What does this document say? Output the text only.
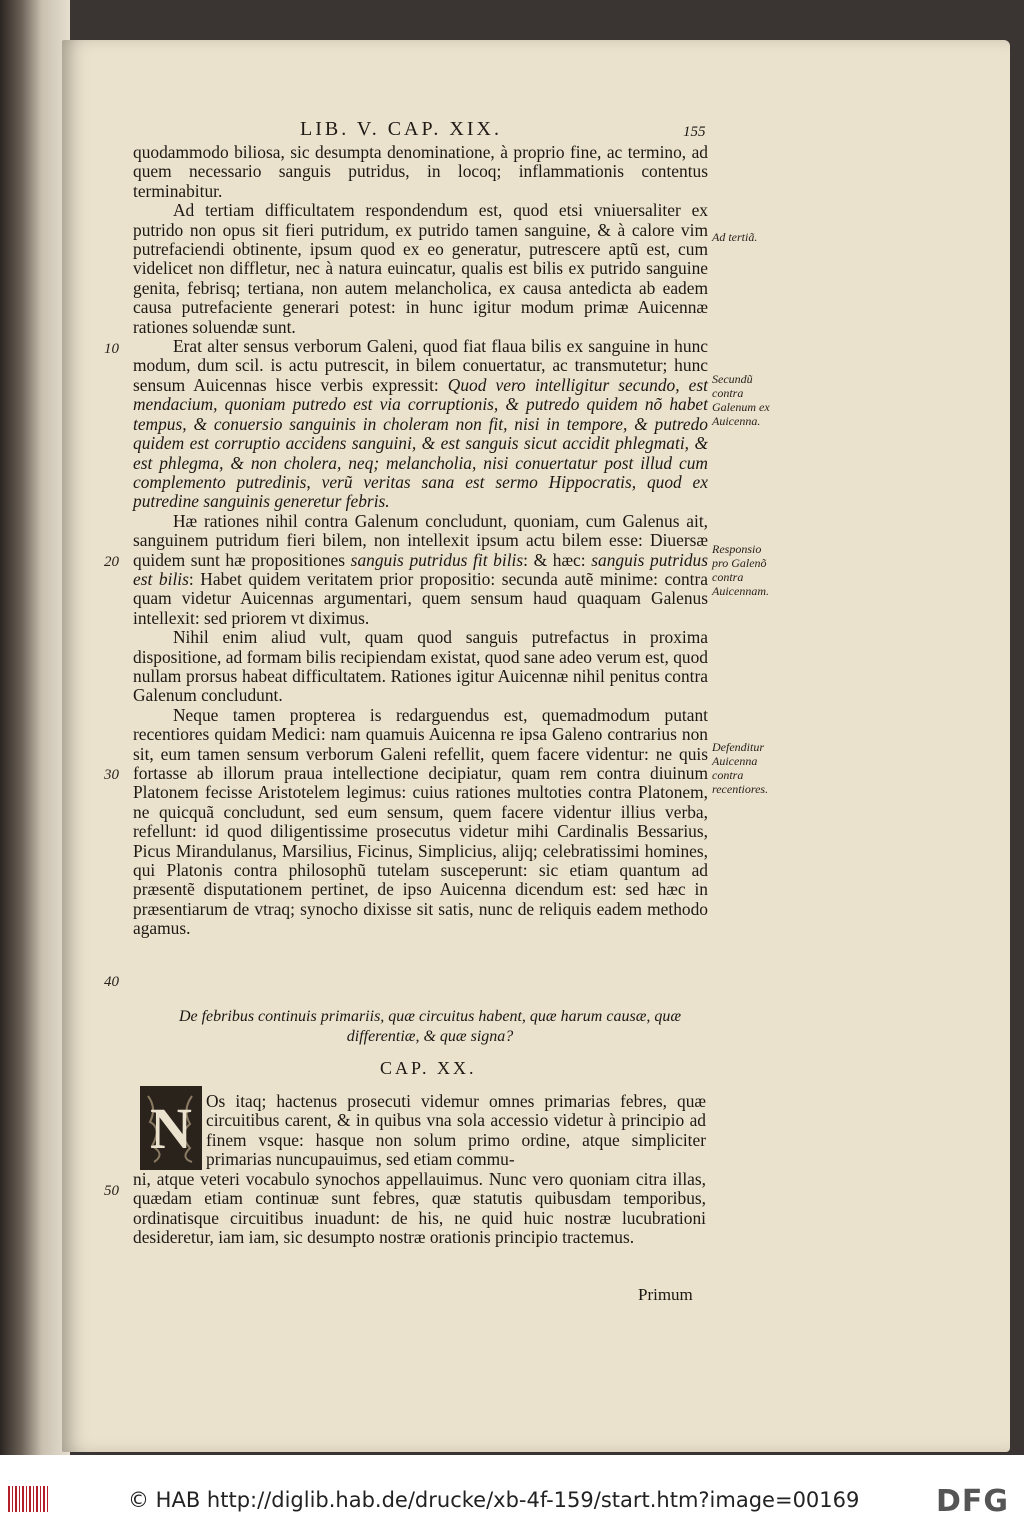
LIB. V. CAP. XIX.	155

quodammodo biliosa, sic desumpta denominatione, à proprio fine, ac termino, ad quem necessario sanguis putridus, in locoq; inflammationis contentus terminabitur.

Ad tertiam difficultatem respondendum est, quod etsi vniuersaliter ex putrido non opus sit fieri putridum, ex putrido tamen sanguine, & à calore vim putrefaciendi obtinente, ipsum quod ex eo generatur, putrescere aptũ est, cum videlicet non diffletur, nec à natura euincatur, qualis est bilis ex putrido sanguine genita, febrisq; tertiana, non autem melancholica, ex causa antedicta ab eadem causa putrefaciente generari potest: in hunc igitur modum primæ Auicennæ rationes soluendæ sunt.

Erat alter sensus verborum Galeni, quod fiat flaua bilis ex sanguine in hunc modum, dum scil. is actu putrescit, in bilem conuertatur, ac transmutetur; hunc sensum Auicennas hisce verbis expressit: Quod vero intelligitur secundo, est mendacium, quoniam putredo est via corruptionis, & putredo quidem nõ habet tempus, & conuersio sanguinis in choleram non fit, nisi in tempore, & putredo quidem est corruptio accidens sanguini, & est sanguis sicut accidit phlegmati, & est phlegma, & non cholera, neq; melancholia, nisi conuertatur post illud cum complemento putredinis, verũ veritas sana est sermo Hippocratis, quod ex putredine sanguinis generetur febris.

Hæ rationes nihil contra Galenum concludunt, quoniam, cum Galenus ait, sanguinem putridum fieri bilem, non intellexit ipsum actu bilem esse: Diuersæ quidem sunt hæ propositiones sanguis putridus fit bilis: & hæc: sanguis putridus est bilis: Habet quidem veritatem prior propositio: secunda autẽ minime: contra quam videtur Auicennas argumentari, quem sensum haud quaquam Galenus intellexit: sed priorem vt diximus.

Nihil enim aliud vult, quam quod sanguis putrefactus in proxima dispositione, ad formam bilis recipiendam existat, quod sane adeo verum est, quod nullam prorsus habeat difficultatem. Rationes igitur Auicennæ nihil penitus contra Galenum concludunt.

Neque tamen propterea is redarguendus est, quemadmodum putant recentiores quidam Medici: nam quamuis Auicenna re ipsa Galeno contrarius non sit, eum tamen sensum verborum Galeni refellit, quem facere videntur: ne quis fortasse ab illorum praua intellectione decipiatur, quam rem contra diuinum Platonem fecisse Aristotelem legimus: cuius rationes multoties contra Platonem, ne quicquã concludunt, sed eum sensum, quem facere videntur illius verba, refellunt: id quod diligentissime prosecutus videtur mihi Cardinalis Bessarius, Picus Mirandulanus, Marsilius, Ficinus, Simplicius, alijq; celebratissimi homines, qui Platonis contra philosophũ tutelam susceperunt: sic etiam quantum ad præsentẽ disputationem pertinet, de ipso Auicenna dicendum est: sed hæc in præsentiarum de vtraq; synocho dixisse sit satis, nunc de reliquis eadem methodo agamus.

10
20
30
40
50
Ad tertiã.
Secundũ contra Galenum ex Auicenna.
Responsio pro Galenõ contra Auicennam.
Defenditur Auicenna contra recentiores.
De febribus continuis primariis, quæ circuitus habent, quæ harum causæ, quæ differentiæ, & quæ signa?
CAP. XX.
N Os itaq; hactenus prosecuti videmur omnes primarias febres, quæ circuitibus carent, & in quibus vna sola accessio videtur à principio ad finem vsque: hasque non solum primo ordine, atque simpliciter primarias nuncupauimus, sed etiam commu-
ni, atque veteri vocabulo synochos appellauimus. Nunc vero quoniam citra illas, quædam etiam continuæ sunt febres, quæ statutis quibusdam temporibus, ordinatisque circuitibus inuadunt: de his, ne quid huic nostræ lucubrationi desideretur, iam iam, sic desumpto nostræ orationis principio tractemus.
Primum
© HAB http://diglib.hab.de/drucke/xb-4f-159/start.htm?image=00169	DFG
